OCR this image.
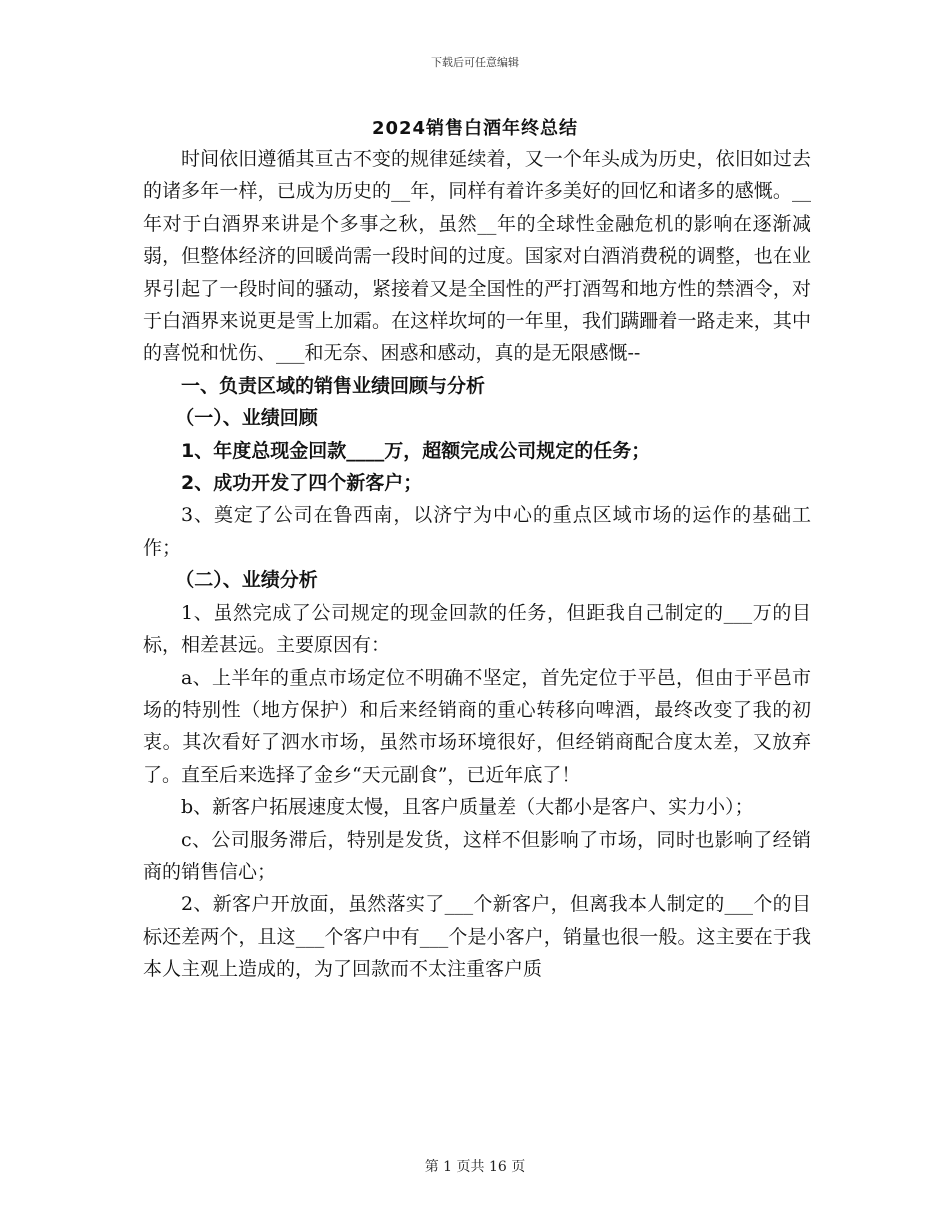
下载后可任意编辑
2024销售白酒年终总结

时间依旧遵循其亘古不变的规律延续着，又一个年头成为历史，依旧如过去的诸多年一样，已成为历史的__年，同样有着许多美好的回忆和诸多的感慨。__年对于白酒界来讲是个多事之秋，虽然__年的全球性金融危机的影响在逐渐减弱，但整体经济的回暖尚需一段时间的过度。国家对白酒消费税的调整，也在业界引起了一段时间的骚动，紧接着又是全国性的严打酒驾和地方性的禁酒令，对于白酒界来说更是雪上加霜。在这样坎坷的一年里，我们蹒跚着一路走来，其中的喜悦和忧伤、___和无奈、困惑和感动，真的是无限感慨--

一、负责区域的销售业绩回顾与分析

（一）、业绩回顾

1、年度总现金回款____万，超额完成公司规定的任务；

2、成功开发了四个新客户；

3、奠定了公司在鲁西南，以济宁为中心的重点区域市场的运作的基础工作；

（二）、业绩分析

1、虽然完成了公司规定的现金回款的任务，但距我自己制定的___万的目标，相差甚远。主要原因有：

a、上半年的重点市场定位不明确不坚定，首先定位于平邑，但由于平邑市场的特别性（地方保护）和后来经销商的重心转移向啤酒，最终改变了我的初衷。其次看好了泗水市场，虽然市场环境很好，但经销商配合度太差，又放弃了。直至后来选择了金乡“天元副食”，已近年底了！

b、新客户拓展速度太慢，且客户质量差（大都小是客户、实力小）；

c、公司服务滞后，特别是发货，这样不但影响了市场，同时也影响了经销商的销售信心；

2、新客户开放面，虽然落实了___个新客户，但离我本人制定的___个的目标还差两个，且这___个客户中有___个是小客户，销量也很一般。这主要在于我本人主观上造成的，为了回款而不太注重客户质

第 1 页共 16 页
